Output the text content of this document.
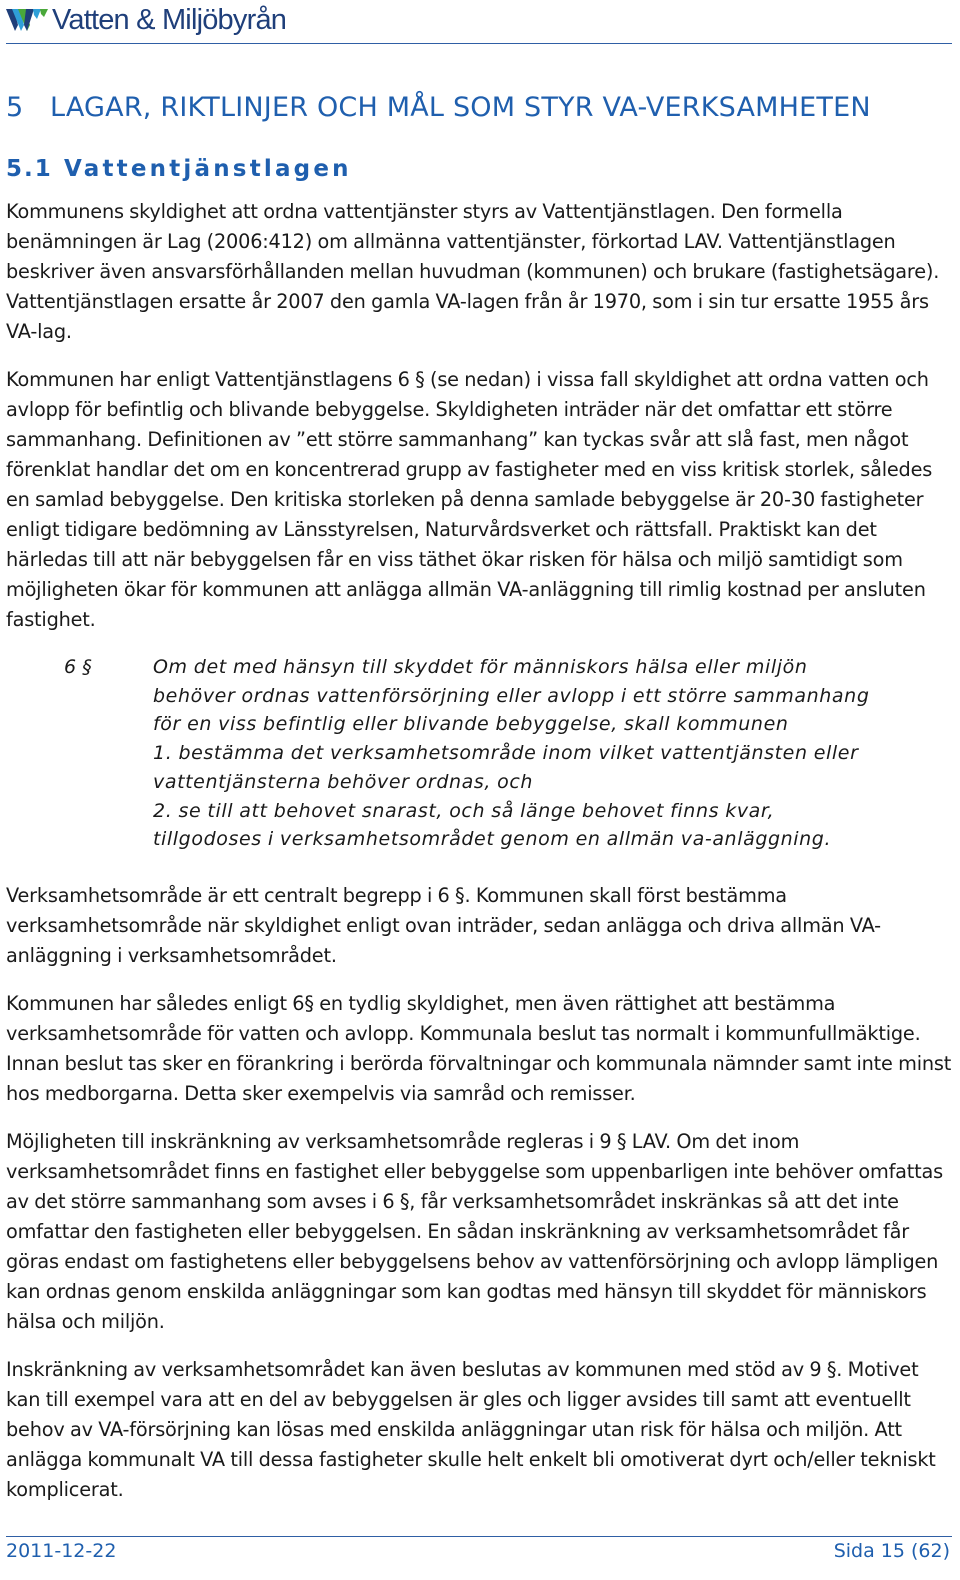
Vatten & Miljöbyrån
5 LAGAR, RIKTLINJER OCH MÅL SOM STYR VA-VERKSAMHETEN
5.1 Vattentjänstlagen

Kommunens skyldighet att ordna vattentjänster styrs av Vattentjänstlagen. Den formella benämningen är Lag (2006:412) om allmänna vattentjänster, förkortad LAV. Vattentjänstlagen beskriver även ansvarsförhållanden mellan huvudman (kommunen) och brukare (fastighetsägare). Vattentjänstlagen ersatte år 2007 den gamla VA-lagen från år 1970, som i sin tur ersatte 1955 års VA-lag.

Kommunen har enligt Vattentjänstlagens 6 § (se nedan) i vissa fall skyldighet att ordna vatten och avlopp för befintlig och blivande bebyggelse. Skyldigheten inträder när det omfattar ett större sammanhang. Definitionen av ”ett större sammanhang” kan tyckas svår att slå fast, men något förenklat handlar det om en koncentrerad grupp av fastigheter med en viss kritisk storlek, således en samlad bebyggelse. Den kritiska storleken på denna samlade bebyggelse är 20-30 fastigheter enligt tidigare bedömning av Länsstyrelsen, Naturvårdsverket och rättsfall. Praktiskt kan det härledas till att när bebyggelsen får en viss täthet ökar risken för hälsa och miljö samtidigt som möjligheten ökar för kommunen att anlägga allmän VA-anläggning till rimlig kostnad per ansluten fastighet.

6 §	Om det med hänsyn till skyddet för människors hälsa eller miljön
behöver ordnas vattenförsörjning eller avlopp i ett större sammanhang
för en viss befintlig eller blivande bebyggelse, skall kommunen
1. bestämma det verksamhetsområde inom vilket vattentjänsten eller
vattentjänsterna behöver ordnas, och
2. se till att behovet snarast, och så länge behovet finns kvar,
tillgodoses i verksamhetsområdet genom en allmän va-anläggning.

Verksamhetsområde är ett centralt begrepp i 6 §. Kommunen skall först bestämma verksamhetsområde när skyldighet enligt ovan inträder, sedan anlägga och driva allmän VA-anläggning i verksamhetsområdet.

Kommunen har således enligt 6§ en tydlig skyldighet, men även rättighet att bestämma verksamhetsområde för vatten och avlopp. Kommunala beslut tas normalt i kommunfullmäktige. Innan beslut tas sker en förankring i berörda förvaltningar och kommunala nämnder samt inte minst hos medborgarna. Detta sker exempelvis via samråd och remisser.

Möjligheten till inskränkning av verksamhetsområde regleras i 9 § LAV. Om det inom verksamhetsområdet finns en fastighet eller bebyggelse som uppenbarligen inte behöver omfattas av det större sammanhang som avses i 6 §, får verksamhetsområdet inskränkas så att det inte omfattar den fastigheten eller bebyggelsen. En sådan inskränkning av verksamhetsområdet får göras endast om fastighetens eller bebyggelsens behov av vattenförsörjning och avlopp lämpligen kan ordnas genom enskilda anläggningar som kan godtas med hänsyn till skyddet för människors hälsa och miljön.

Inskränkning av verksamhetsområdet kan även beslutas av kommunen med stöd av 9 §. Motivet kan till exempel vara att en del av bebyggelsen är gles och ligger avsides till samt att eventuellt behov av VA-försörjning kan lösas med enskilda anläggningar utan risk för hälsa och miljön. Att anlägga kommunalt VA till dessa fastigheter skulle helt enkelt bli omotiverat dyrt och/eller tekniskt komplicerat.

2011-12-22	Sida 15 (62)
